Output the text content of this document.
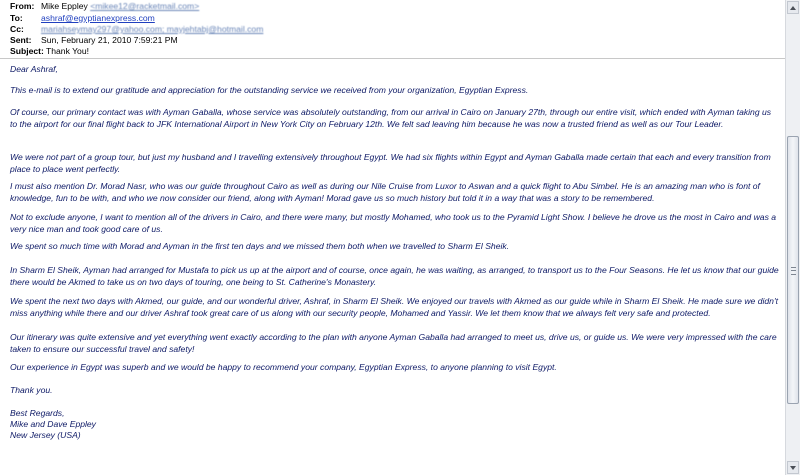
From: Mike Eppley <mikee12@racketmail.com>
To: ashraf@egyptianexpress.com
Cc: mariahseymay297@yahoo.com; mayjehtabj@hotmail.com
Sent: Sun, February 21, 2010 7:59:21 PM
Subject: Thank You!
Dear Ashraf,
This e-mail is to extend our gratitude and appreciation for the outstanding service we received from your organization, Egyptian Express.
Of course, our primary contact was with Ayman Gaballa, whose service was absolutely outstanding, from our arrival in Cairo on January 27th, through our entire visit, which ended with Ayman taking us to the airport for our final flight back to JFK International Airport in New York City on February 12th. We felt sad leaving him because he was now a trusted friend as well as our Tour Leader.
We were not part of a group tour, but just my husband and I travelling extensively throughout Egypt. We had six flights within Egypt and Ayman Gaballa made certain that each and every transition from place to place went perfectly.
I must also mention Dr. Morad Nasr, who was our guide throughout Cairo as well as during our Nile Cruise from Luxor to Aswan and a quick flight to Abu Simbel. He is an amazing man who is font of knowledge, fun to be with, and who we now consider our friend, along with Ayman! Morad gave us so much history but told it in a way that was a story to be remembered.
Not to exclude anyone, I want to mention all of the drivers in Cairo, and there were many, but mostly Mohamed, who took us to the Pyramid Light Show. I believe he drove us the most in Cairo and was a very nice man and took good care of us.
We spent so much time with Morad and Ayman in the first ten days and we missed them both when we travelled to Sharm El Sheik.
In Sharm El Sheik, Ayman had arranged for Mustafa to pick us up at the airport and of course, once again, he was waiting, as arranged, to transport us to the Four Seasons. He let us know that our guide there would be Akmed to take us on two days of touring, one being to St. Catherine's Monastery.
We spent the next two days with Akmed, our guide, and our wonderful driver, Ashraf, in Sharm El Sheik. We enjoyed our travels with Akmed as our guide while in Sharm El Sheik. He made sure we didn't miss anything while there and our driver Ashraf took great care of us along with our security people, Mohamed and Yassir. We let them know that we always felt very safe and protected.
Our itinerary was quite extensive and yet everything went exactly according to the plan with anyone Ayman Gaballa had arranged to meet us, drive us, or guide us. We were very impressed with the care taken to ensure our successful travel and safety!
Our experience in Egypt was superb and we would be happy to recommend your company, Egyptian Express, to anyone planning to visit Egypt.
Thank you.
Best Regards,
Mike and Dave Eppley
New Jersey (USA)
